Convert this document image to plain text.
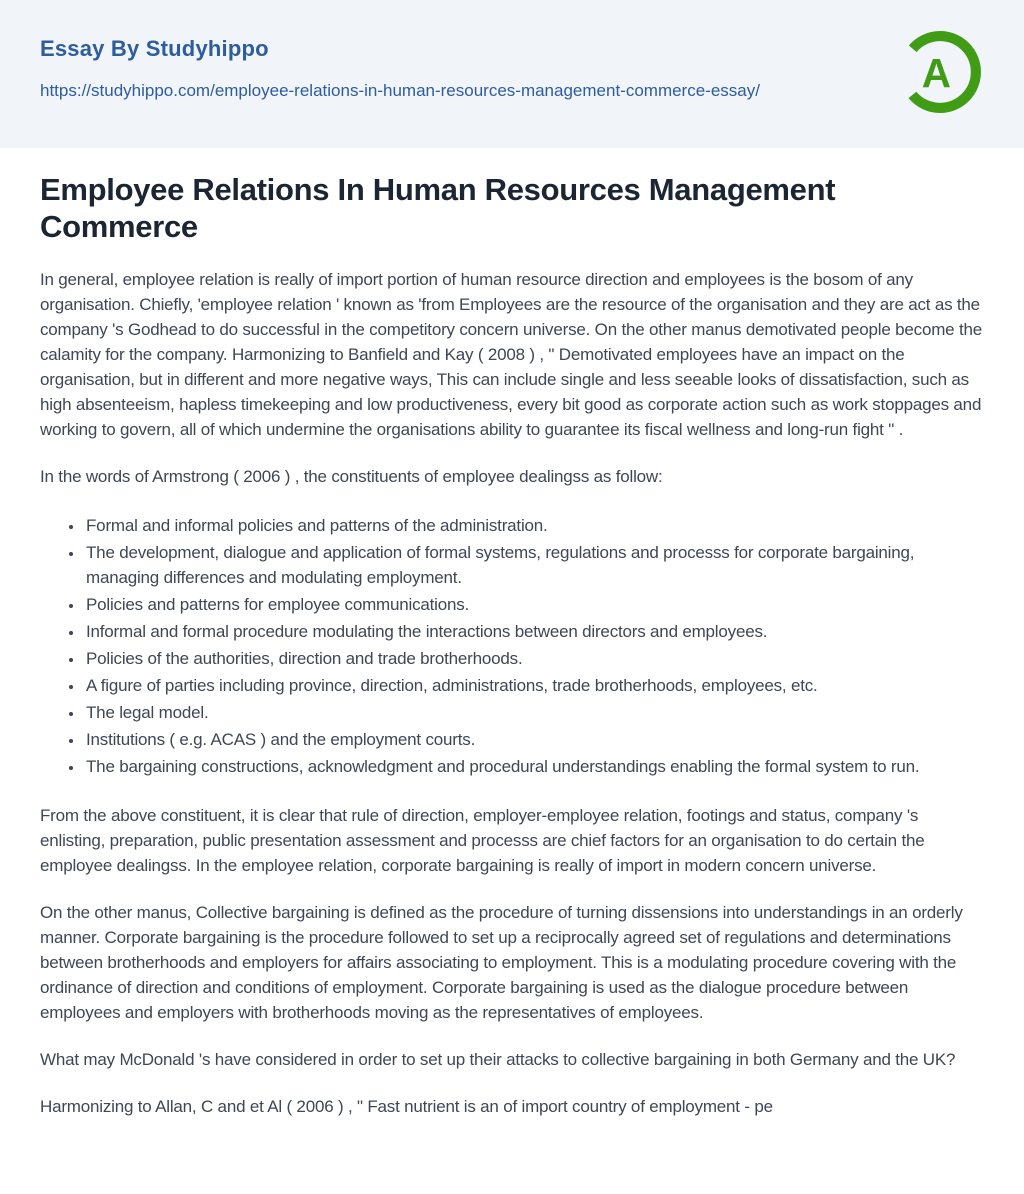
Essay By Studyhippo
https://studyhippo.com/employee-relations-in-human-resources-management-commerce-essay/	A
Employee Relations In Human Resources Management Commerce

In general, employee relation is really of import portion of human resource direction and employees is the bosom of any organisation. Chiefly, 'employee relation ' known as 'from Employees are the resource of the organisation and they are act as the company 's Godhead to do successful in the competitory concern universe. On the other manus demotivated people become the calamity for the company. Harmonizing to Banfield and Kay ( 2008 ) , " Demotivated employees have an impact on the organisation, but in different and more negative ways, This can include single and less seeable looks of dissatisfaction, such as high absenteeism, hapless timekeeping and low productiveness, every bit good as corporate action such as work stoppages and working to govern, all of which undermine the organisations ability to guarantee its fiscal wellness and long-run fight " .

In the words of Armstrong ( 2006 ) , the constituents of employee dealingss as follow:

• Formal and informal policies and patterns of the administration.
• The development, dialogue and application of formal systems, regulations and processs for corporate bargaining, managing differences and modulating employment.
• Policies and patterns for employee communications.
• Informal and formal procedure modulating the interactions between directors and employees.
• Policies of the authorities, direction and trade brotherhoods.
• A figure of parties including province, direction, administrations, trade brotherhoods, employees, etc.
• The legal model.
• Institutions ( e.g. ACAS ) and the employment courts.
• The bargaining constructions, acknowledgment and procedural understandings enabling the formal system to run.

From the above constituent, it is clear that rule of direction, employer-employee relation, footings and status, company 's enlisting, preparation, public presentation assessment and processs are chief factors for an organisation to do certain the employee dealingss. In the employee relation, corporate bargaining is really of import in modern concern universe.

On the other manus, Collective bargaining is defined as the procedure of turning dissensions into understandings in an orderly manner. Corporate bargaining is the procedure followed to set up a reciprocally agreed set of regulations and determinations between brotherhoods and employers for affairs associating to employment. This is a modulating procedure covering with the ordinance of direction and conditions of employment. Corporate bargaining is used as the dialogue procedure between employees and employers with brotherhoods moving as the representatives of employees.

What may McDonald 's have considered in order to set up their attacks to collective bargaining in both Germany and the UK?

Harmonizing to Allan, C and et Al ( 2006 ) , " Fast nutrient is an of import country of employment - pe
